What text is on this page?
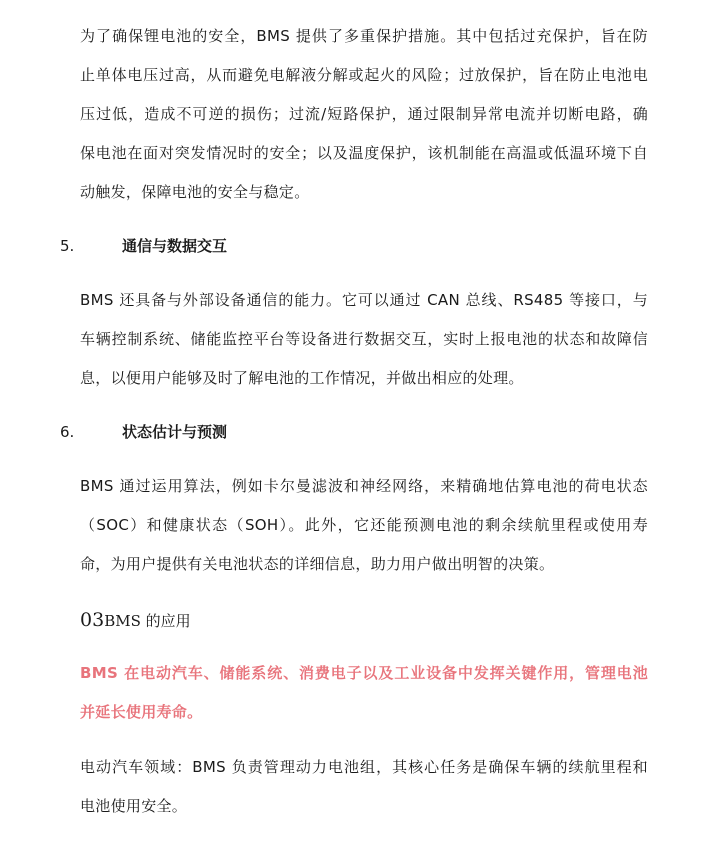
为了确保锂电池的安全，BMS 提供了多重保护措施。其中包括过充保护，旨在防
止单体电压过高，从而避免电解液分解或起火的风险；过放保护，旨在防止电池电
压过低，造成不可逆的损伤；过流/短路保护，通过限制异常电流并切断电路，确
保电池在面对突发情况时的安全；以及温度保护，该机制能在高温或低温环境下自
动触发，保障电池的安全与稳定。

5.	通信与数据交互

BMS 还具备与外部设备通信的能力。它可以通过 CAN 总线、RS485 等接口，与
车辆控制系统、储能监控平台等设备进行数据交互，实时上报电池的状态和故障信
息，以便用户能够及时了解电池的工作情况，并做出相应的处理。

6.	状态估计与预测

BMS 通过运用算法，例如卡尔曼滤波和神经网络，来精确地估算电池的荷电状态
（SOC）和健康状态（SOH）。此外，它还能预测电池的剩余续航里程或使用寿
命，为用户提供有关电池状态的详细信息，助力用户做出明智的决策。

03BMS 的应用

BMS 在电动汽车、储能系统、消费电子以及工业设备中发挥关键作用，管理电池
并延长使用寿命。

电动汽车领域：BMS 负责管理动力电池组，其核心任务是确保车辆的续航里程和
电池使用安全。
